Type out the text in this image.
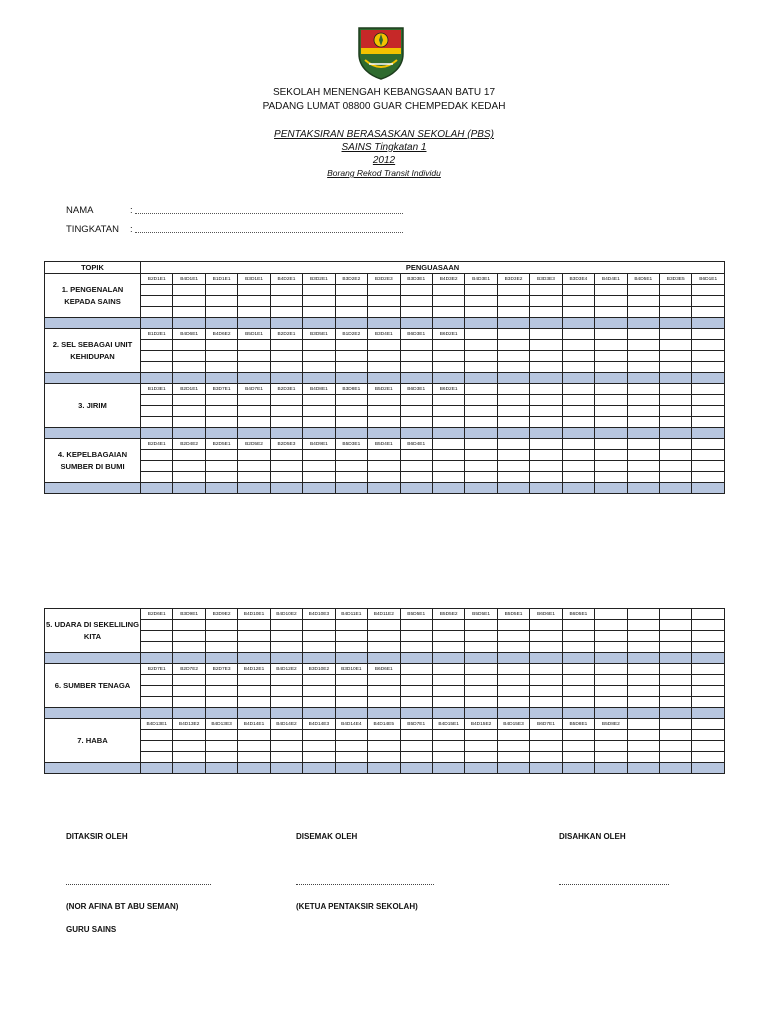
SEKOLAH MENENGAH KEBANGSAAN BATU 17
PADANG LUMAT 08800 GUAR CHEMPEDAK KEDAH
PENTAKSIRAN BERASASKAN SEKOLAH (PBS)
SAINS Tingkatan 1
2012
Borang Rekod Transit Individu
NAMA	:
TINGKATAN :
TOPIK	PENGUASAAN																	
1. PENGENALAN KEPADA SAINS	B2D1E1	B4D1E1	B1D1E1	B3D1E1	B4D2E1	B3D2E1	B3D2E2	B3D2E3	B3D3E1	B4D3E2	B4D3E1	B3D3E2	B3D3E3	B3D3E4	B4D4E1	B4D5E1	B3D3E5	B6D1E1

2. SEL SEBAGAI UNIT KEHIDUPAN	B1D2E1	B4D6E1	B4D6E2	B5D1E1	B2D2E1	B3D5E1	B1D2E2	B3D4E1	B6D3E1	B6D2E1								

3. JIRIM	B1D3E1	B2D1E1	B3D7E1	B4D7E1	B2D3E1	B4D8E1	B3D8E1	B5D2E1	B6D3E1	B6D2E1								

4. KEPELBAGAIAN SUMBER DI BUMI	B2D4E1	B2D4E2	B2D5E1	B2D5E2	B2D5E3	B4D9E1	B5D3E1	B5D4E1	B6D4E1									

5. UDARA DI SEKELILING KITA	B2D6E1	B3D9E1	B3D9E2	B4D10E1	B4D10E2	B4D10E3	B4D11E1	B4D11E2	B5D5E1	B5D5E2	B5D5E1	B5D5E1	B6D6E1	B6D5E1				

6. SUMBER TENAGA	B2D7E1	B2D7E2	B2D7E3	B4D12E1	B4D12E2	B3D10E2	B3D10E1	B6D6E1										

7. HABA	B4D13E1	B4D13E2	B4D13E3	B4D14E1	B4D14E2	B4D14E3	B4D14E4	B4D14E5	B5D7E1	B4D15E1	B4D15E2	B4D15E3	B6D7E1	B5D8E1	B5D8E2			

DITAKSIR OLEH	DISEMAK OLEH	DISAHKAN OLEH
(NOR AFINA BT ABU SEMAN)	(KETUA PENTAKSIR SEKOLAH)
GURU SAINS
